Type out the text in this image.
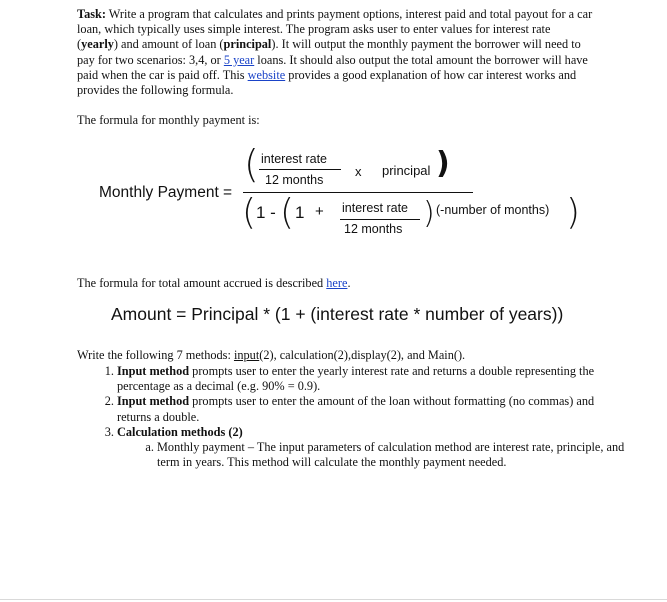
Task: Write a program that calculates and prints payment options, interest paid and total payout for a car loan, which typically uses simple interest. The program asks user to enter values for interest rate (yearly) and amount of loan (principal). It will output the monthly payment the borrower will need to pay for two scenarios: 3,4, or 5 year loans. It should also output the total amount the borrower will have paid when the car is paid off. This website provides a good explanation of how car interest works and provides the following formula.
The formula for monthly payment is:
Monthly Payment =
( interest rate
12 months
x principal )
( 1 - ( 1 + interest rate
12 months ) (-number of months) )
The formula for total amount accrued is described here.
Amount = Principal * (1 + (interest rate * number of years))
Write the following 7 methods: input(2), calculation(2),display(2), and Main().
1. Input method prompts user to enter the yearly interest rate and returns a double representing the percentage as a decimal (e.g. 90% = 0.9).
2. Input method prompts user to enter the amount of the loan without formatting (no commas) and returns a double.
3. Calculation methods (2)
a. Monthly payment – The input parameters of calculation method are interest rate, principle, and term in years. This method will calculate the monthly payment needed.
